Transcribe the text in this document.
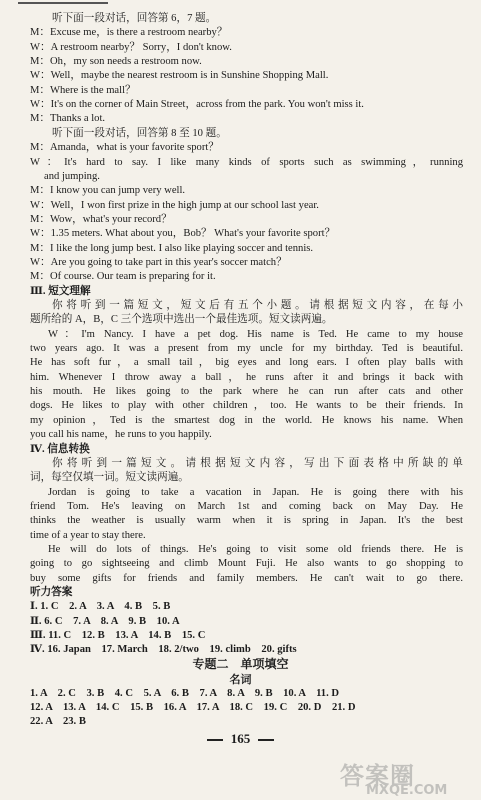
听下面一段对话，回答第 6，7 题。
M：Excuse me，is there a restroom nearby？
W：A restroom nearby？ Sorry，I don't know.
M：Oh，my son needs a restroom now.
W：Well，maybe the nearest restroom is in Sunshine Shopping Mall.
M：Where is the mall？
W：It's on the corner of Main Street，across from the park. You won't miss it.
M：Thanks a lot.
听下面一段对话，回答第 8 至 10 题。
M：Amanda，what is your favorite sport？
W：It's hard to say. I like many kinds of sports such as swimming，running
and jumping.
M：I know you can jump very well.
W：Well，I won first prize in the high jump at our school last year.
M：Wow，what's your record？
W：1.35 meters. What about you，Bob？ What's your favorite sport？
M：I like the long jump best. I also like playing soccer and tennis.
W：Are you going to take part in this year's soccer match？
M：Of course. Our team is preparing for it.
Ⅲ. 短文理解
你将听到一篇短文，短文后有五个小题。请根据短文内容，在每小
题所给的 A，B，C 三个选项中选出一个最佳选项。短文读两遍。
W：I'm Nancy. I have a pet dog. His name is Ted. He came to my house
two years ago. It was a present from my uncle for my birthday. Ted is beautiful.
He has soft fur，a small tail，big eyes and long ears. I often play balls with
him. Whenever I throw away a ball，he runs after it and brings it back with
his mouth. He likes going to the park where he can run after cats and other
dogs. He likes to play with other children，too. He wants to be their friends. In
my opinion，Ted is the smartest dog in the world. He knows his name. When
you call his name，he runs to you happily.
Ⅳ. 信息转换
你将听到一篇短文。请根据短文内容，写出下面表格中所缺的单
词，每空仅填一词。短文读两遍。
Jordan is going to take a vacation in Japan. He is going there with his
friend Tom. He's leaving on March 1st and coming back on May Day. He
thinks the weather is usually warm when it is spring in Japan. It's the best
time of a year to stay there.
He will do lots of things. He's going to visit some old friends there. He is
going to go sightseeing and climb Mount Fuji. He also wants to go shopping to
buy some gifts for friends and family members. He can't wait to go there.
听力答案
Ⅰ. 1. C　2. A　3. A　4. B　5. B
Ⅱ. 6. C　7. A　8. A　9. B　10. A
Ⅲ. 11. C　12. B　13. A　14. B　15. C
Ⅳ. 16. Japan　17. March　18. 2/two　19. climb　20. gifts
专题二　单项填空
名词
1. A　2. C　3. B　4. C　5. A　6. B　7. A　8. A　9. B　10. A　11. D
12. A　13. A　14. C　15. B　16. A　17. A　18. C　19. C　20. D　21. D
22. A　23. B
165
答案圈
MXQE.COM
